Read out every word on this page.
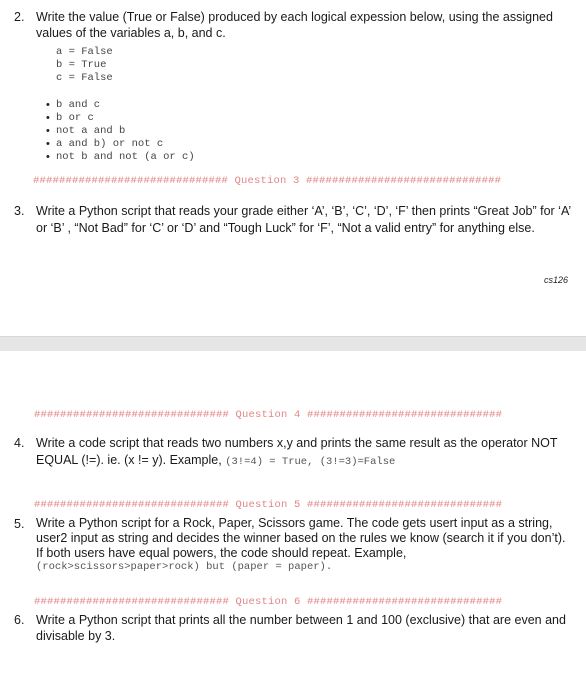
2. Write the value (True or False) produced by each logical expession below, using the assigned values of the variables a, b, and c.
a = False
b = True
c = False
• b and c
• b or c
• not a and b
• a and b) or not c
• not b and not (a or c)
############################## Question 3 ##############################
3. Write a Python script that reads your grade either ‘A’, ‘B’, ‘C’, ‘D’, ‘F’ then prints “Great Job” for ‘A’ or ‘B’ , “Not Bad” for ‘C’ or ‘D’ and “Tough Luck” for ‘F’, “Not a valid entry” for anything else.
cs126
############################## Question 4 ##############################
4. Write a code script that reads two numbers x,y and prints the same result as the operator NOT EQUAL (!=). ie. (x != y). Example, (3!=4) = True, (3!=3)=False
############################## Question 5 ##############################
5. Write a Python script for a Rock, Paper, Scissors game. The code gets usert input as a string, user2 input as string and decides the winner based on the rules we know (search it if you don’t). If both users have equal powers, the code should repeat. Example,
(rock>scissors>paper>rock) but (paper = paper).
############################## Question 6 ##############################
6. Write a Python script that prints all the number between 1 and 100 (exclusive) that are even and divisable by 3.
